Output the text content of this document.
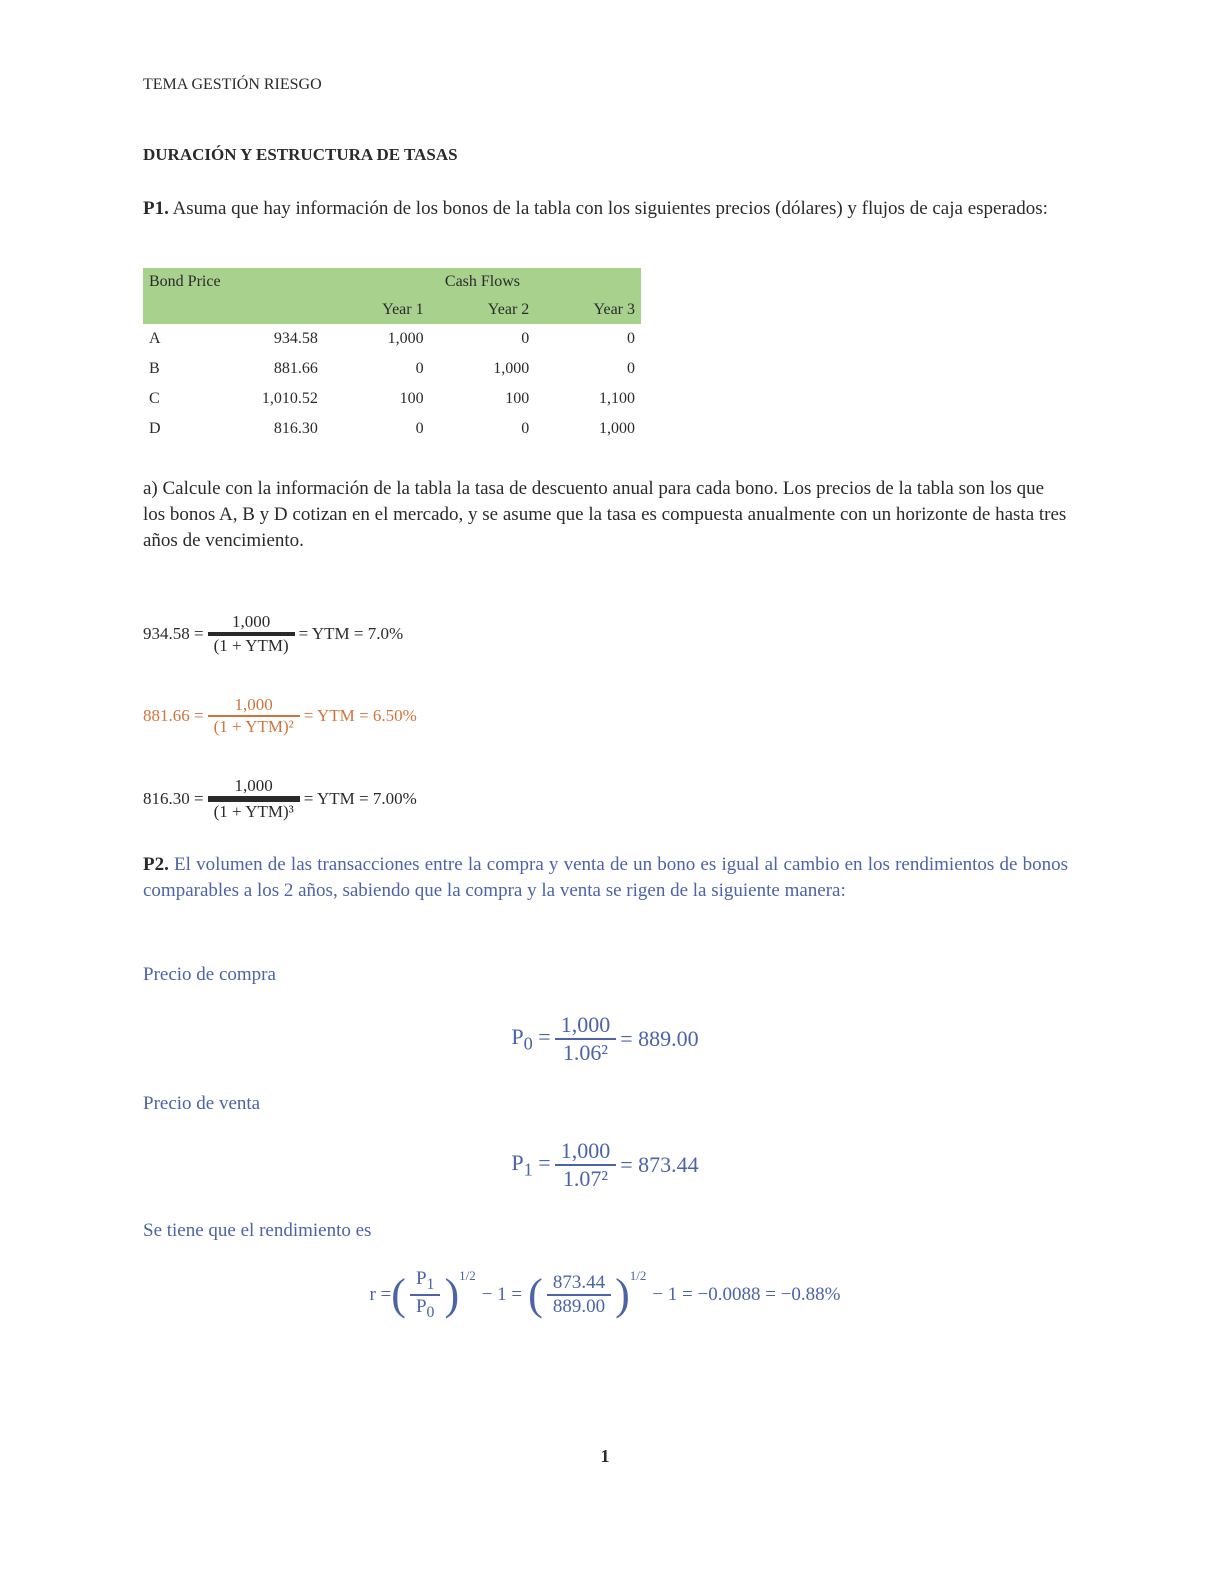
TEMA GESTIÓN RIESGO
DURACIÓN Y ESTRUCTURA DE TASAS
P1. Asuma que hay información de los bonos de la tabla con los siguientes precios (dólares) y flujos de caja esperados:
Bond Price		Cash Flows		
		Year 1	Year 2	Year 3
A	934.58	1,000	0	0
B	881.66	0	1,000	0
C	1,010.52	100	100	1,100
D	816.30	0	0	1,000
a) Calcule con la información de la tabla la tasa de descuento anual para cada bono. Los precios de la tabla son los que los bonos A, B y D cotizan en el mercado, y se asume que la tasa es compuesta anualmente con un horizonte de hasta tres años de vencimiento.
$934.58 = \frac{1,000}{\text{(1 + YTM)}}$ = YTM = 7.0%
$881.66 = \frac{1,000}{\text{(1 + YTM)²}}$ = YTM = 6.50%
816.30 =
1,000
(1 + YTM)³
= YTM = 7.00%
P2. El volumen de las transacciones entre la compra y venta de un bono es igual al cambio en los rendimientos de bonos comparables a los 2 años, sabiendo que la compra y la venta se rigen de la siguiente manera:
Precio de compra
$P_0 = \frac{1,000}{\text{1.06²}} = 889.00$
Precio de venta
$P_1 = \frac{1,000}{\text{1.07²}} = 873.44$
Se tiene que el rendimiento es
r = ( $\frac{P_1}{P_0} )^{1/2}$
− 1 = ( $\frac{873.44}{889.00} )^{1/2}$
− 1 = −0.0088 = −0.88%
1
